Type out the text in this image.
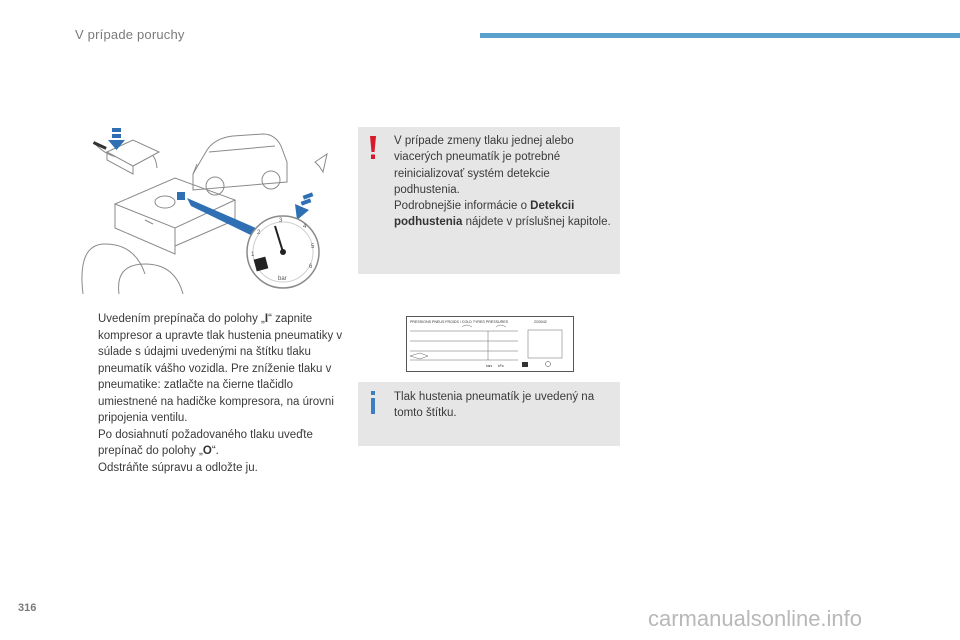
V prípade poruchy
1
2
3
4
5
6
bar
Uvedením prepínača do polohy „I“ zapnite kompresor a upravte tlak hustenia pneumatiky v súlade s údajmi uvedenými na štítku tlaku pneumatík vášho vozidla. Pre zníženie tlaku v pneumatike: zatlačte na čierne tlačidlo umiestnené na hadičke kompresora, na úrovni pripojenia ventilu.
Po dosiahnutí požadovaného tlaku uveďte prepínač do polohy „O“.
Odstráňte súpravu a odložte ju.
V prípade zmeny tlaku jednej alebo viacerých pneumatík je potrebné reinicializovať systém detekcie podhustenia.
Podrobnejšie informácie o Detekcii podhustenia nájdete v príslušnej kapitole.
PRESSIONS PNEUS FROIDS / COLD TYRES PRESSURES	2G0042
bars kPa
Tlak hustenia pneumatík je uvedený na tomto štítku.
316	carmanualsonline.info
